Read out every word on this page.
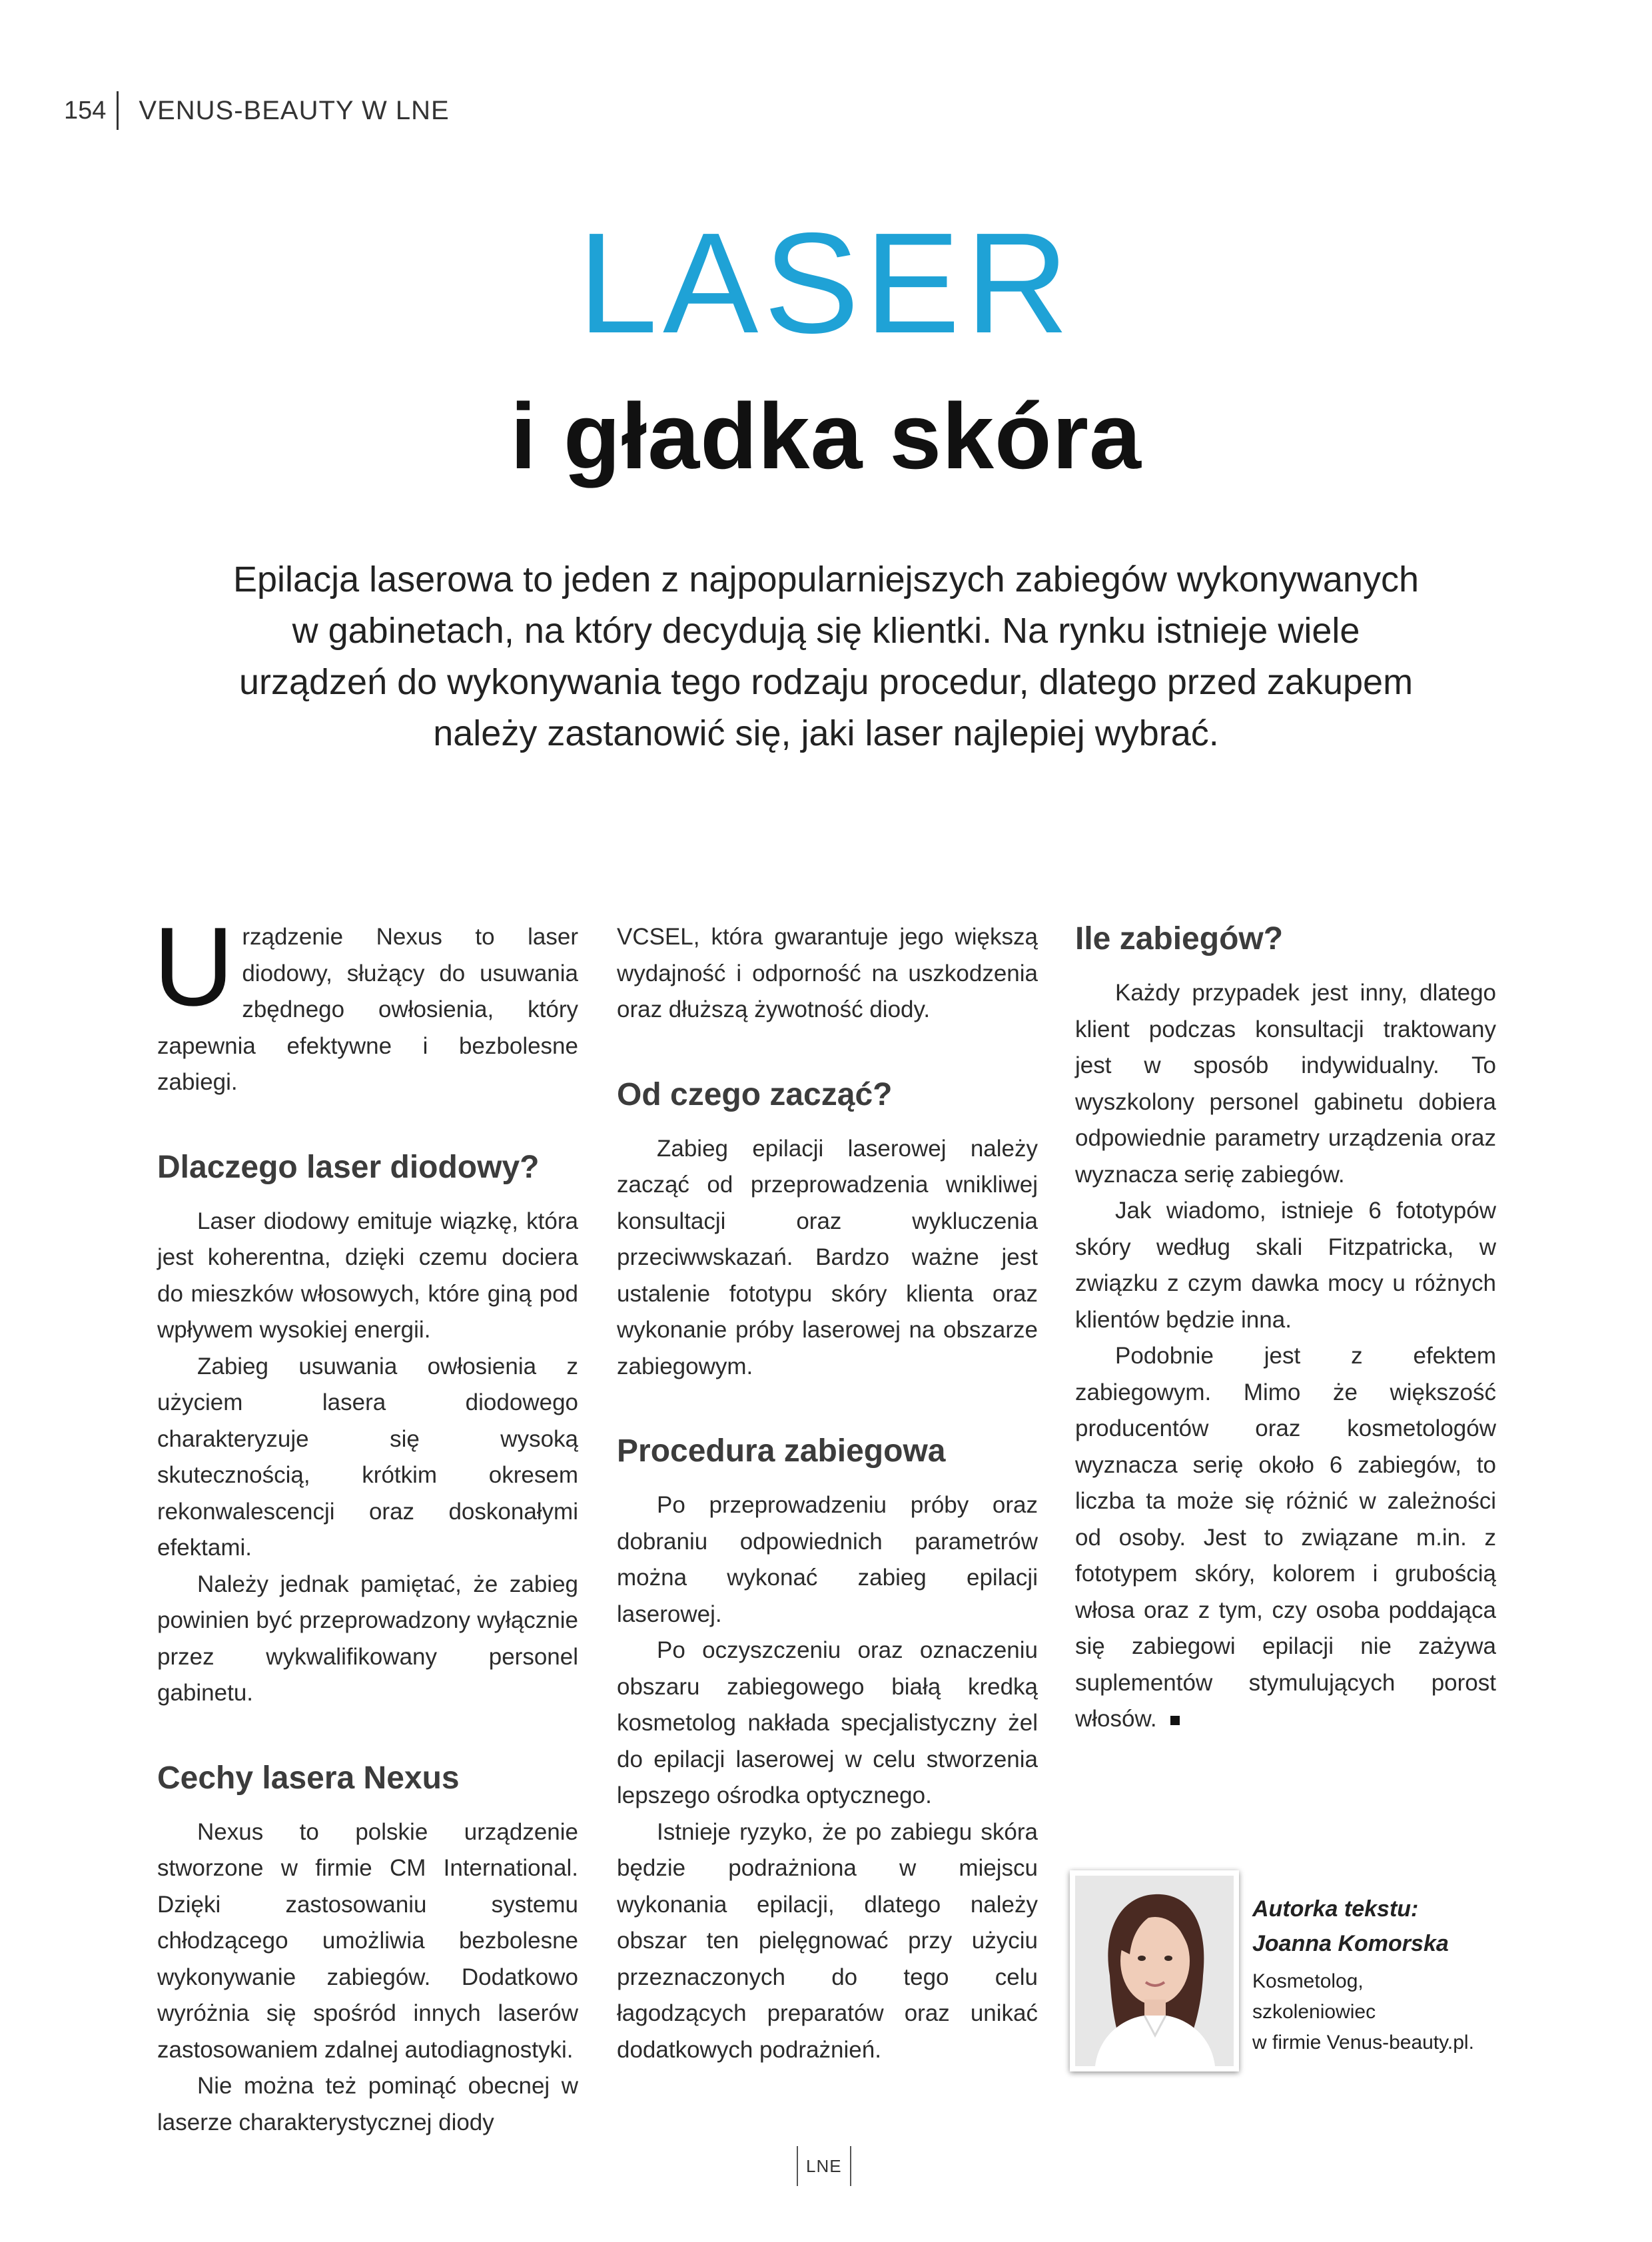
154 VENUS-BEAUTY W LNE
LASER
i gładka skóra
Epilacja laserowa to jeden z najpopularniejszych zabiegów wykonywanych
w gabinetach, na który decydują się klientki. Na rynku istnieje wiele
urządzeń do wykonywania tego rodzaju procedur, dlatego przed zakupem
należy zastanowić się, jaki laser najlepiej wybrać.

Urządzenie Nexus to laser diodowy, służący do usuwania zbędnego owłosienia, który zapewnia efektywne i bezbolesne zabiegi.

Dlaczego laser diodowy?

Laser diodowy emituje wiązkę, która jest koherentna, dzięki czemu dociera do mieszków włosowych, które giną pod wpływem wysokiej energii.

Zabieg usuwania owłosienia z użyciem lasera diodowego charakteryzuje się wysoką skutecznością, krótkim okresem rekonwalescencji oraz doskonałymi efektami.

Należy jednak pamiętać, że zabieg powinien być przeprowadzony wyłącznie przez wykwalifikowany personel gabinetu.

Cechy lasera Nexus

Nexus to polskie urządzenie stworzone w firmie CM International. Dzięki zastosowaniu systemu chłodzącego umożliwia bezbolesne wykonywanie zabiegów. Dodatkowo wyróżnia się spośród innych laserów zastosowaniem zdalnej autodiagnostyki.

Nie można też pominąć obecnej w laserze charakterystycznej diody

VCSEL, która gwarantuje jego większą wydajność i odporność na uszkodzenia oraz dłuższą żywotność diody.

Od czego zacząć?

Zabieg epilacji laserowej należy zacząć od przeprowadzenia wnikliwej konsultacji oraz wykluczenia przeciwwskazań. Bardzo ważne jest ustalenie fototypu skóry klienta oraz wykonanie próby laserowej na obszarze zabiegowym.

Procedura zabiegowa

Po przeprowadzeniu próby oraz dobraniu odpowiednich parametrów można wykonać zabieg epilacji laserowej.

Po oczyszczeniu oraz oznaczeniu obszaru zabiegowego białą kredką kosmetolog nakłada specjalistyczny żel do epilacji laserowej w celu stworzenia lepszego ośrodka optycznego.

Istnieje ryzyko, że po zabiegu skóra będzie podrażniona w miejscu wykonania epilacji, dlatego należy obszar ten pielęgnować przy użyciu przeznaczonych do tego celu łagodzących preparatów oraz unikać dodatkowych podrażnień.

Ile zabiegów?

Każdy przypadek jest inny, dlatego klient podczas konsultacji traktowany jest w sposób indywidualny. To wyszkolony personel gabinetu dobiera odpowiednie parametry urządzenia oraz wyznacza serię zabiegów.

Jak wiadomo, istnieje 6 fototypów skóry według skali Fitzpatricka, w związku z czym dawka mocy u różnych klientów będzie inna.

Podobnie jest z efektem zabiegowym. Mimo że większość producentów oraz kosmetologów wyznacza serię około 6 zabiegów, to liczba ta może się różnić w zależności od osoby. Jest to związane m.in. z fototypem skóry, kolorem i grubością włosa oraz z tym, czy osoba poddająca się zabiegowi epilacji nie zażywa suplementów stymulujących porost włosów.

Autorka tekstu:
Joanna Komorska
Kosmetolog,
szkoleniowiec
w firmie Venus-beauty.pl.
LNE
